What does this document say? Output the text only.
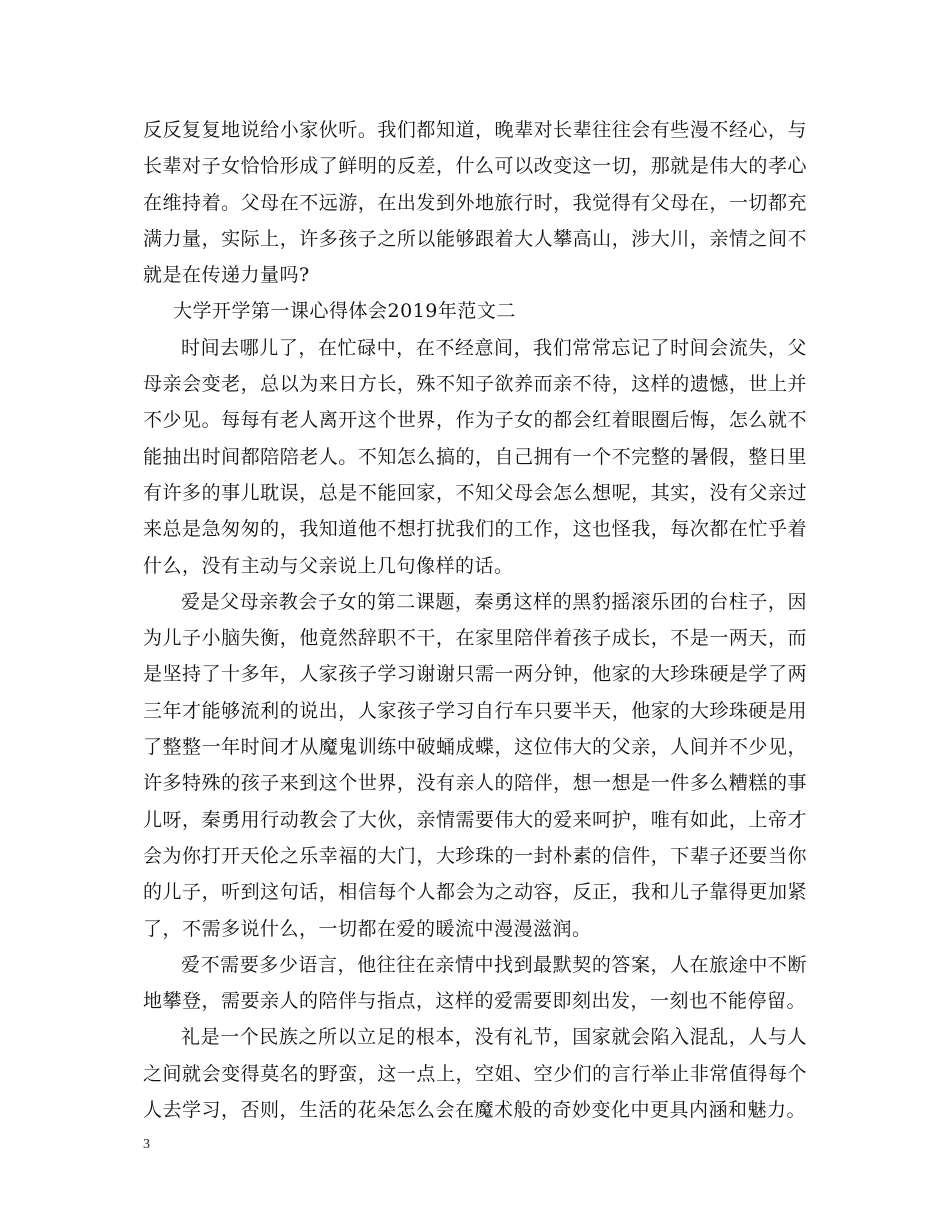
反反复复地说给小家伙听。我们都知道，晚辈对长辈往往会有些漫不经心，与长辈对子女恰恰形成了鲜明的反差，什么可以改变这一切，那就是伟大的孝心在维持着。父母在不远游，在出发到外地旅行时，我觉得有父母在，一切都充满力量，实际上，许多孩子之所以能够跟着大人攀高山，涉大川，亲情之间不就是在传递力量吗?

大学开学第一课心得体会2019年范文二

时间去哪儿了，在忙碌中，在不经意间，我们常常忘记了时间会流失，父母亲会变老，总以为来日方长，殊不知子欲养而亲不待，这样的遗憾，世上并不少见。每每有老人离开这个世界，作为子女的都会红着眼圈后悔，怎么就不能抽出时间都陪陪老人。不知怎么搞的，自己拥有一个不完整的暑假，整日里有许多的事儿耽误，总是不能回家，不知父母会怎么想呢，其实，没有父亲过来总是急匆匆的，我知道他不想打扰我们的工作，这也怪我，每次都在忙乎着什么，没有主动与父亲说上几句像样的话。

爱是父母亲教会子女的第二课题，秦勇这样的黑豹摇滚乐团的台柱子，因为儿子小脑失衡，他竟然辞职不干，在家里陪伴着孩子成长，不是一两天，而是坚持了十多年，人家孩子学习谢谢只需一两分钟，他家的大珍珠硬是学了两三年才能够流利的说出，人家孩子学习自行车只要半天，他家的大珍珠硬是用了整整一年时间才从魔鬼训练中破蛹成蝶，这位伟大的父亲，人间并不少见，许多特殊的孩子来到这个世界，没有亲人的陪伴，想一想是一件多么糟糕的事儿呀，秦勇用行动教会了大伙，亲情需要伟大的爱来呵护，唯有如此，上帝才会为你打开天伦之乐幸福的大门，大珍珠的一封朴素的信件，下辈子还要当你的儿子，听到这句话，相信每个人都会为之动容，反正，我和儿子靠得更加紧了，不需多说什么，一切都在爱的暖流中漫漫滋润。

爱不需要多少语言，他往往在亲情中找到最默契的答案，人在旅途中不断地攀登，需要亲人的陪伴与指点，这样的爱需要即刻出发，一刻也不能停留。

礼是一个民族之所以立足的根本，没有礼节，国家就会陷入混乱，人与人之间就会变得莫名的野蛮，这一点上，空姐、空少们的言行举止非常值得每个人去学习，否则，生活的花朵怎么会在魔术般的奇妙变化中更具内涵和魅力。

3
